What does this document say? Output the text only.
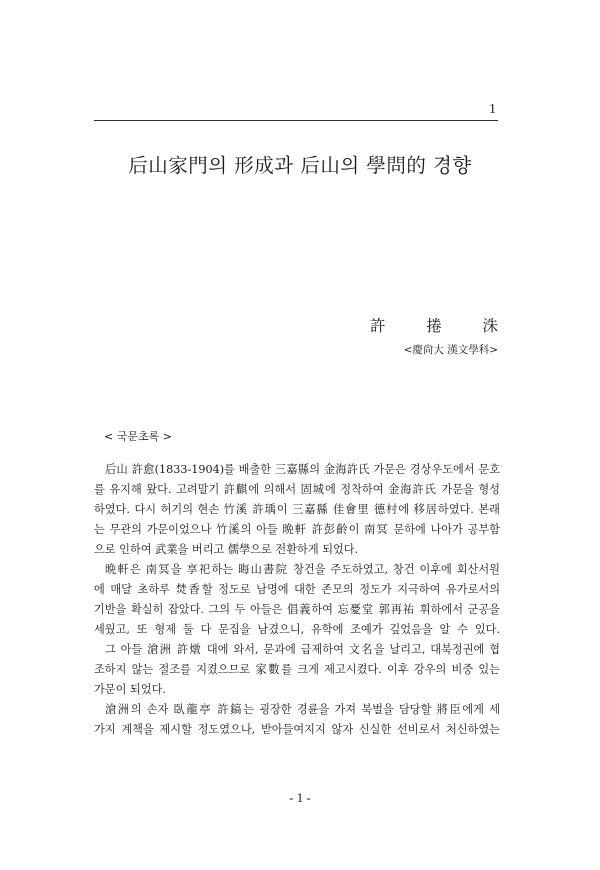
1
后山家門의 形成과 后山의 學問的 경향
許	捲	洙
<慶尙大 漢文學科>
< 국문초록 >
后山 許愈(1833-1904)를 배출한 三嘉縣의 金海許氏 가문은 경상우도에서 문호
를 유지해 왔다. 고려말기 許麒에 의해서 固城에 정착하여 金海許氏 가문을 형성
하였다. 다시 허기의 현손 竹溪 許瑀이 三嘉縣 佳會里 德村에 移居하였다. 본래
는 무관의 가문이었으나 竹溪의 아들 晩軒 許彭齡이 南冥 문하에 나아가 공부함
으로 인하여 武業을 버리고 儒學으로 전환하게 되었다.
晩軒은 南冥을 享祀하는 晦山書院 창건을 주도하였고, 창건 이후에 회산서원
에 매달 초하루 焚香할 정도로 남명에 대한 존모의 정도가 지극하여 유가로서의
기반을 확실히 잡았다. 그의 두 아들은 倡義하여 忘憂堂 郭再祐 휘하에서 군공을
세웠고, 또 형제 둘 다 문집을 남겼으니, 유학에 조예가 깊었음을 알 수 있다.
그 아들 滄洲 許燉 대에 와서, 문과에 급제하여 文名을 날리고, 대북정권에 협
조하지 않는 절조를 지켰으므로 家數를 크게 제고시켰다. 이후 강우의 비중 있는
가문이 되었다.
滄洲의 손자 臥龍亭 許鎬는 굉장한 경륜을 가져 북벌을 담당할 將臣에게 세
가지 계책을 제시할 정도였으나, 받아들여지지 않자 신실한 선비로서 처신하였는
- 1 -
